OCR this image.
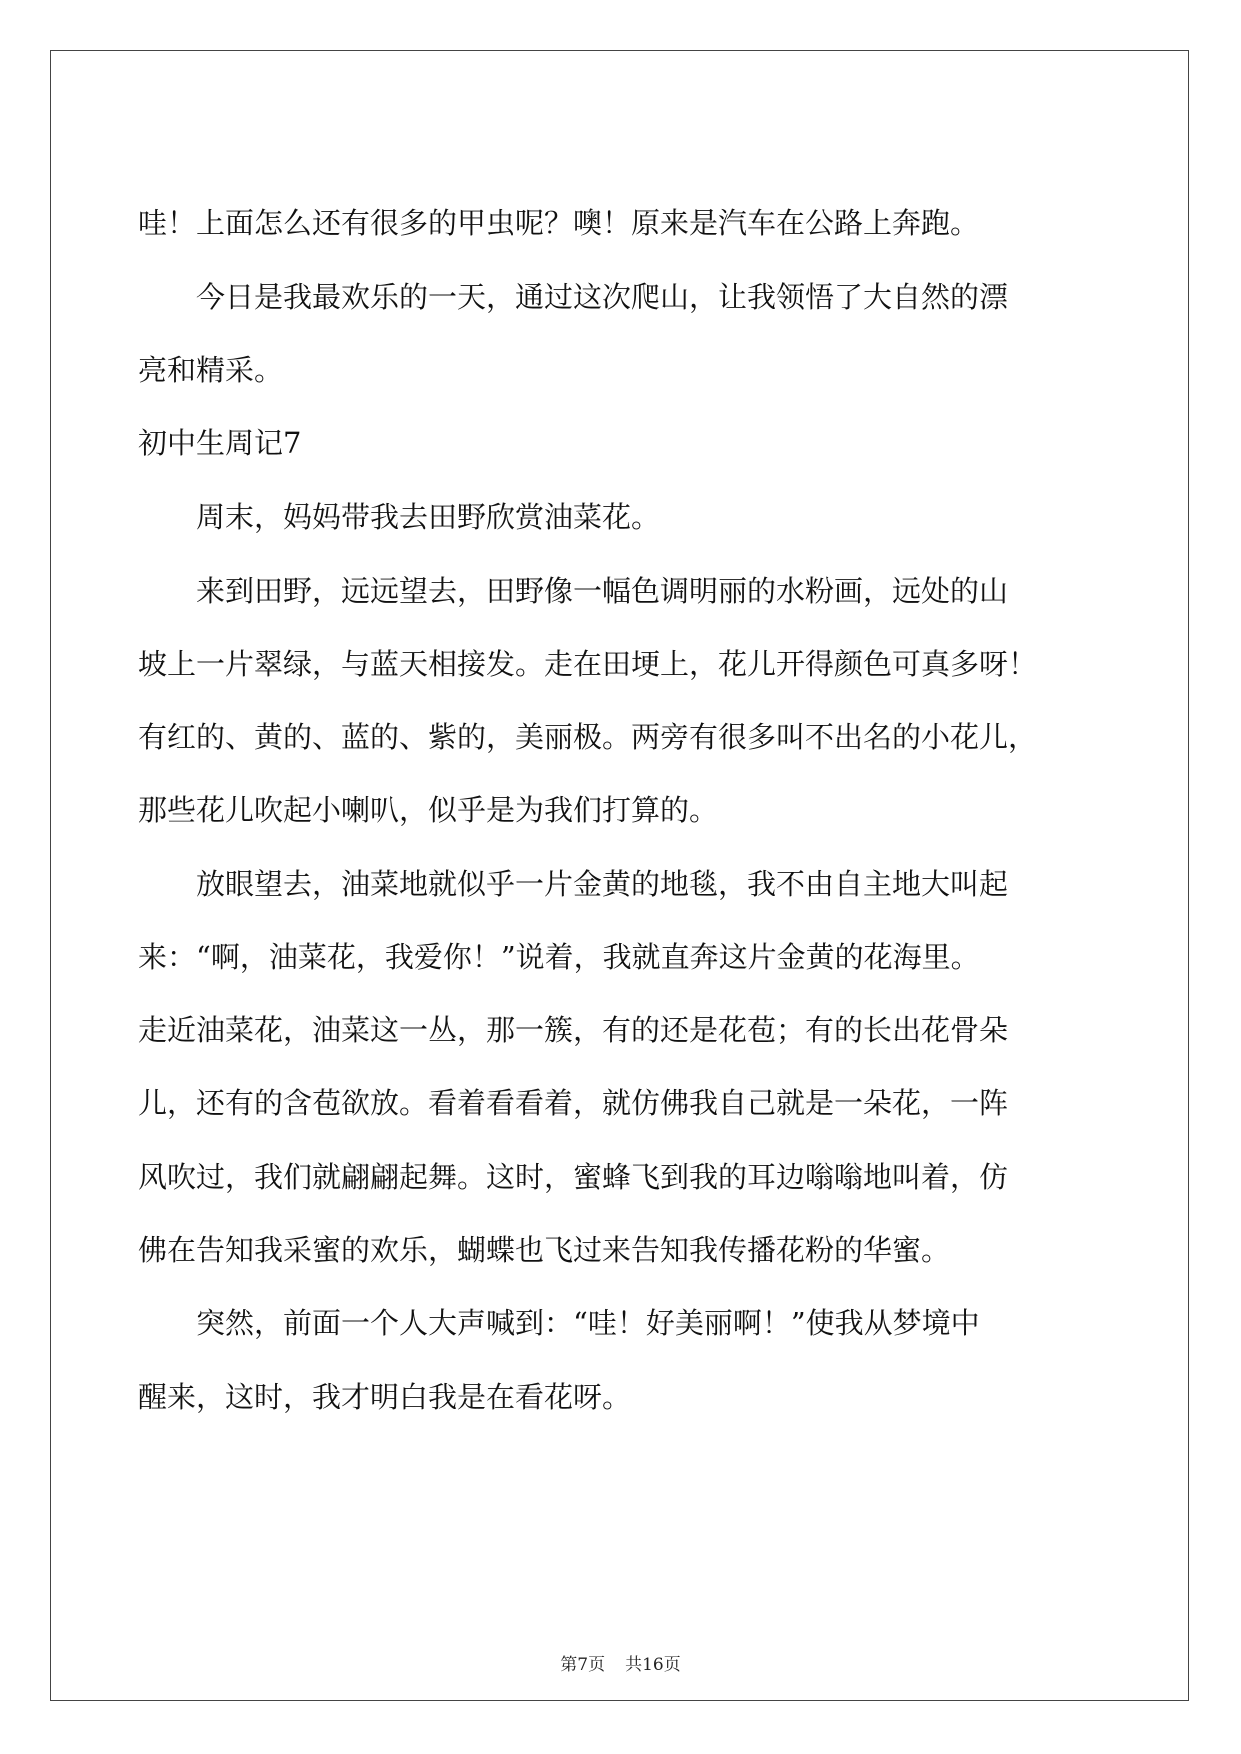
哇！上面怎么还有很多的甲虫呢？噢！原来是汽车在公路上奔跑。

今日是我最欢乐的一天，通过这次爬山，让我领悟了大自然的漂

亮和精采。

初中生周记7

周末，妈妈带我去田野欣赏油菜花。

来到田野，远远望去，田野像一幅色调明丽的水粉画，远处的山

坡上一片翠绿，与蓝天相接发。走在田埂上，花儿开得颜色可真多呀！

有红的、黄的、蓝的、紫的，美丽极。两旁有很多叫不出名的小花儿，

那些花儿吹起小喇叭，似乎是为我们打算的。

放眼望去，油菜地就似乎一片金黄的地毯，我不由自主地大叫起

来：“啊，油菜花，我爱你！”说着，我就直奔这片金黄的花海里。

走近油菜花，油菜这一丛，那一簇，有的还是花苞；有的长出花骨朵

儿，还有的含苞欲放。看着看看着，就仿佛我自己就是一朵花，一阵

风吹过，我们就翩翩起舞。这时，蜜蜂飞到我的耳边嗡嗡地叫着，仿

佛在告知我采蜜的欢乐，蝴蝶也飞过来告知我传播花粉的华蜜。

突然，前面一个人大声喊到：“哇！好美丽啊！”使我从梦境中

醒来，这时，我才明白我是在看花呀。

第7页 共16页
